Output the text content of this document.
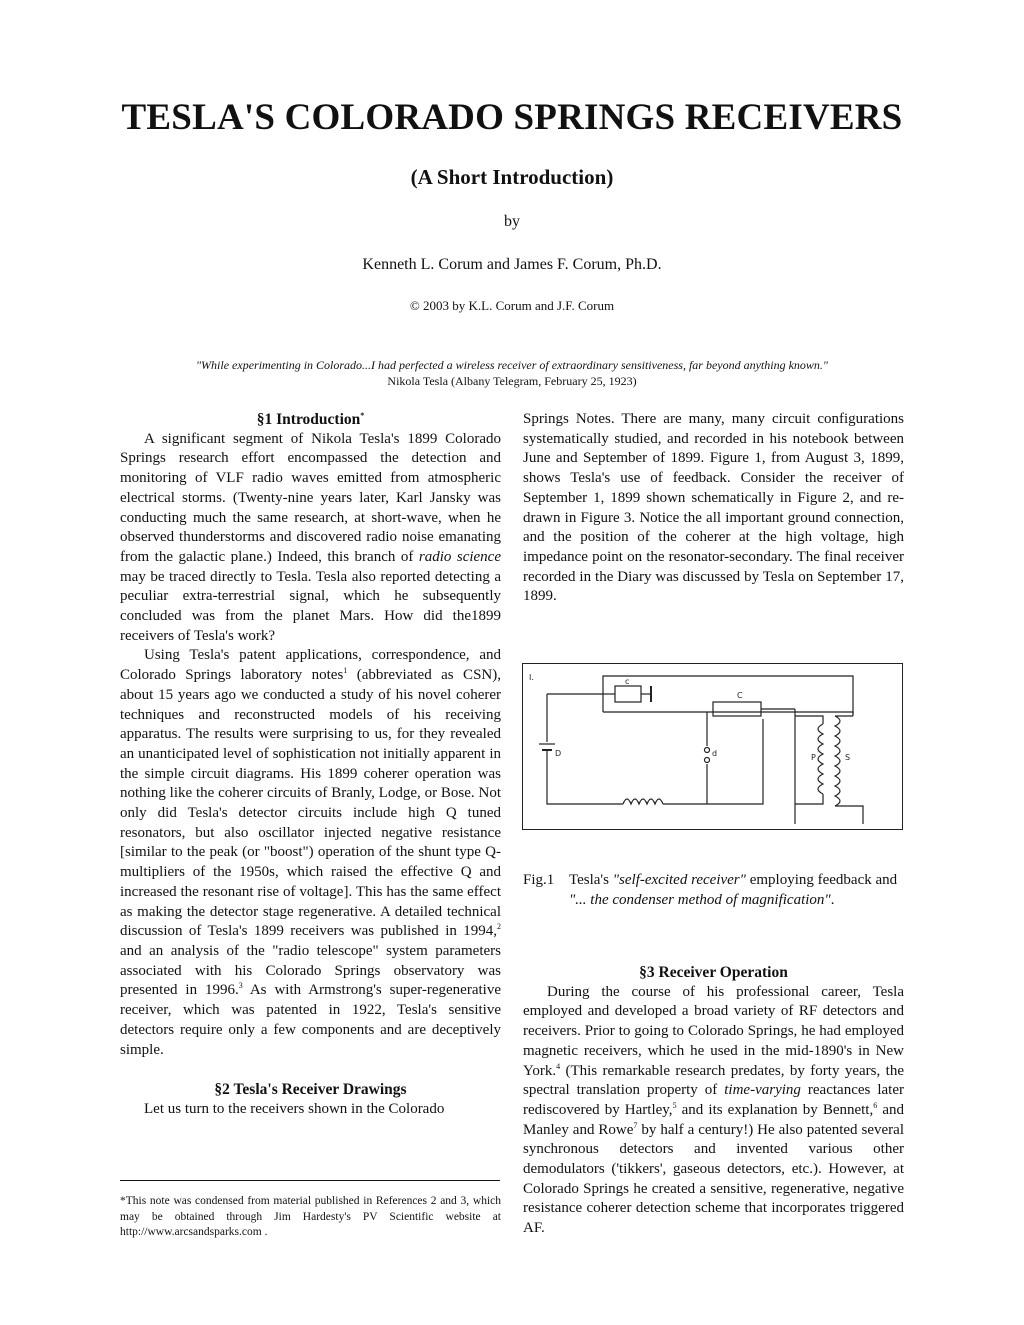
TESLA'S COLORADO SPRINGS RECEIVERS
(A Short Introduction)
by
Kenneth L. Corum and James F. Corum, Ph.D.
© 2003 by K.L. Corum and J.F. Corum
"While experimenting in Colorado...I had perfected a wireless receiver of extraordinary sensitiveness, far beyond anything known."
Nikola Tesla (Albany Telegram, February 25, 1923)

§1 Introduction*

A significant segment of Nikola Tesla's 1899 Colorado Springs research effort encompassed the detection and monitoring of VLF radio waves emitted from atmospheric electrical storms. (Twenty-nine years later, Karl Jansky was conducting much the same research, at short-wave, when he observed thunderstorms and discovered radio noise emanating from the galactic plane.) Indeed, this branch of radio science may be traced directly to Tesla. Tesla also reported detecting a peculiar extra-terrestrial signal, which he subsequently concluded was from the planet Mars. How did the1899 receivers of Tesla's work?

Using Tesla's patent applications, correspondence, and Colorado Springs laboratory notes$^1$ (abbreviated as CSN), about 15 years ago we conducted a study of his novel coherer techniques and reconstructed models of his receiving apparatus. The results were surprising to us, for they revealed an unanticipated level of sophistication not initially apparent in the simple circuit diagrams. His 1899 coherer operation was nothing like the coherer circuits of Branly, Lodge, or Bose. Not only did Tesla's detector circuits include high Q tuned resonators, but also oscillator injected negative resistance [similar to the peak (or "boost") operation of the shunt type Q-multipliers of the 1950s, which raised the effective Q and increased the resonant rise of voltage]. This has the same effect as making the detector stage regenerative. A detailed technical discussion of Tesla's 1899 receivers was published in 1994,$^2$ and an analysis of the "radio telescope" system parameters associated with his Colorado Springs observatory was presented in 1996.$^3$ As with Armstrong's super-regenerative receiver, which was patented in 1922, Tesla's sensitive detectors require only a few components and are deceptively simple.

§2 Tesla's Receiver Drawings

Let us turn to the receivers shown in the Colorado

Springs Notes. There are many, many circuit configurations systematically studied, and recorded in his notebook between June and September of 1899. Figure 1, from August 3, 1899, shows Tesla's use of feedback. Consider the receiver of September 1, 1899 shown schematically in Figure 2, and re-drawn in Figure 3. Notice the all important ground connection, and the position of the coherer at the high voltage, high impedance point on the resonator-secondary. The final receiver recorded in the Diary was discussed by Tesla on September 17, 1899.

I.	c
C
D	d	P	S
Fig.1 Tesla's "self-excited receiver" employing feedback and "... the condenser method of magnification".

§3 Receiver Operation

During the course of his professional career, Tesla employed and developed a broad variety of RF detectors and receivers. Prior to going to Colorado Springs, he had employed magnetic receivers, which he used in the mid-1890's in New York.$^4$ (This remarkable research predates, by forty years, the spectral translation property of time-varying reactances later rediscovered by Hartley,$^5$ and its explanation by Bennett,$^6$ and Manley and Rowe$^7$ by half a century!) He also patented several synchronous detectors and invented various other demodulators ('tikkers', gaseous detectors, etc.). However, at Colorado Springs he created a sensitive, regenerative, negative resistance coherer detection scheme that incorporates triggered AF.

*This note was condensed from material published in References 2 and 3, which may be obtained through Jim Hardesty's PV Scientific website at http://www.arcsandsparks.com .
